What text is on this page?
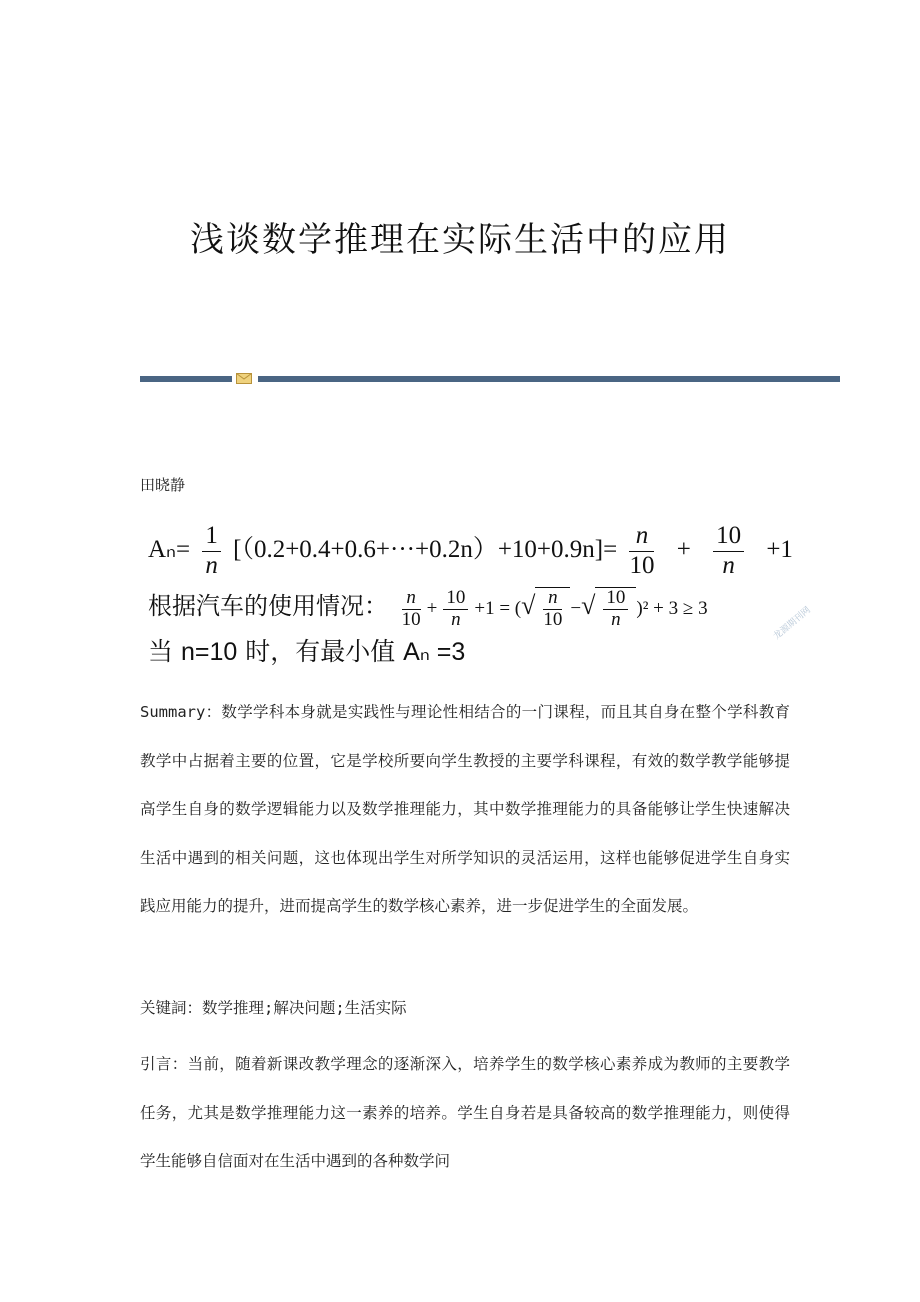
浅谈数学推理在实际生活中的应用
田晓静
$A_n= \frac{1}{n} [(0.2+0.4+0.6+\cdot\cdot\cdot+0.2n)+10+0.9n]= \frac{n}{10} + \frac{10}{n} +1$
根据汽车的使用情况： $\frac{n}{10} + \frac{10}{n} +1$ = (√ $\frac{n}{10}$ −√ $\frac{10}{n} )^2 + 3 \ge 3$
当 n=10 时，有最小值 Aₙ =3
龙源期刊网
Summary：数学学科本身就是实践性与理论性相结合的一门课程，而且其自身在整个学科教育教学中占据着主要的位置，它是学校所要向学生教授的主要学科课程，有效的数学教学能够提高学生自身的数学逻辑能力以及数学推理能力，其中数学推理能力的具备能够让学生快速解决生活中遇到的相关问题，这也体现出学生对所学知识的灵活运用，这样也能够促进学生自身实践应用能力的提升，进而提高学生的数学核心素养，进一步促进学生的全面发展。
关键詞：数学推理;解决问题;生活实际
引言：当前，随着新课改教学理念的逐渐深入，培养学生的数学核心素养成为教师的主要教学任务，尤其是数学推理能力这一素养的培养。学生自身若是具备较高的数学推理能力，则使得学生能够自信面对在生活中遇到的各种数学问
